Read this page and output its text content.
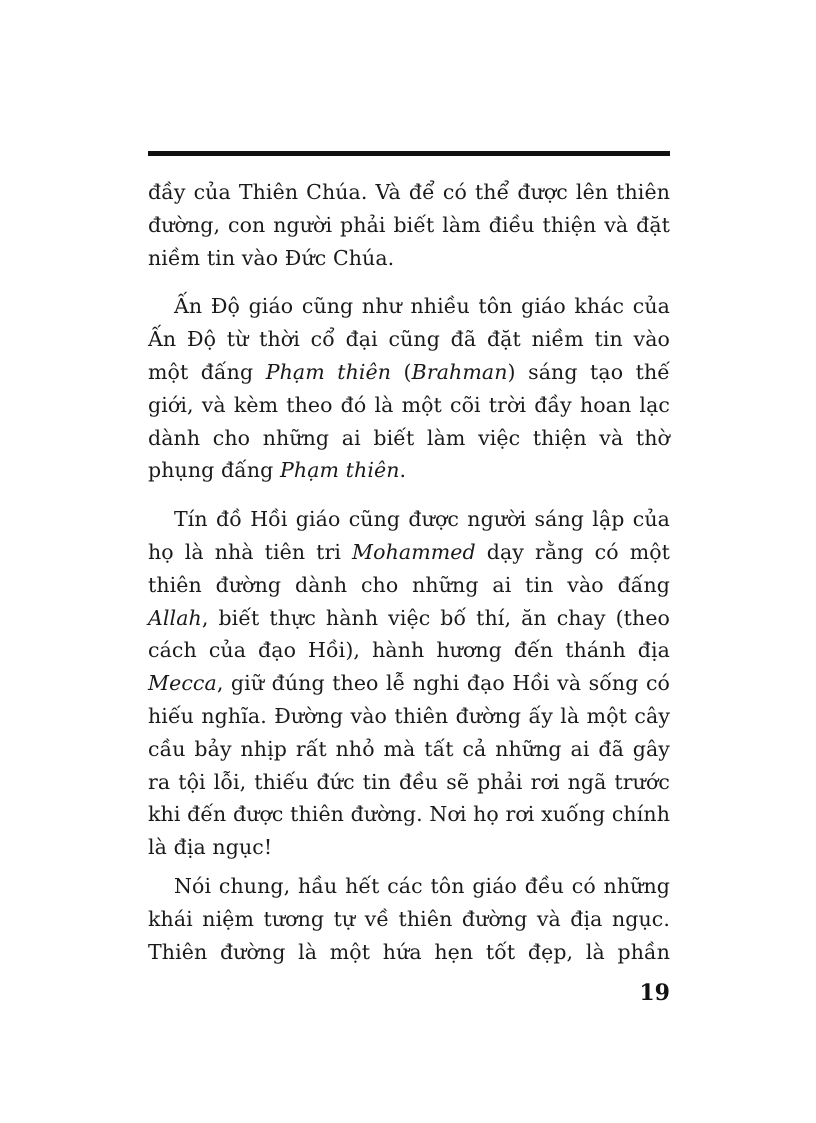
đầy của Thiên Chúa. Và để có thể được lên thiên
đường, con người phải biết làm điều thiện và đặt
niềm tin vào Đức Chúa.
Ấn Độ giáo cũng như nhiều tôn giáo khác của
Ấn Độ từ thời cổ đại cũng đã đặt niềm tin vào
một đấng Phạm thiên (Brahman) sáng tạo thế
giới, và kèm theo đó là một cõi trời đầy hoan lạc
dành cho những ai biết làm việc thiện và thờ
phụng đấng Phạm thiên.
Tín đồ Hồi giáo cũng được người sáng lập của
họ là nhà tiên tri Mohammed dạy rằng có một
thiên đường dành cho những ai tin vào đấng
Allah, biết thực hành việc bố thí, ăn chay (theo
cách của đạo Hồi), hành hương đến thánh địa
Mecca, giữ đúng theo lễ nghi đạo Hồi và sống có
hiếu nghĩa. Đường vào thiên đường ấy là một cây
cầu bảy nhịp rất nhỏ mà tất cả những ai đã gây
ra tội lỗi, thiếu đức tin đều sẽ phải rơi ngã trước
khi đến được thiên đường. Nơi họ rơi xuống chính
là địa ngục!
Nói chung, hầu hết các tôn giáo đều có những
khái niệm tương tự về thiên đường và địa ngục.
Thiên đường là một hứa hẹn tốt đẹp, là phần
19
